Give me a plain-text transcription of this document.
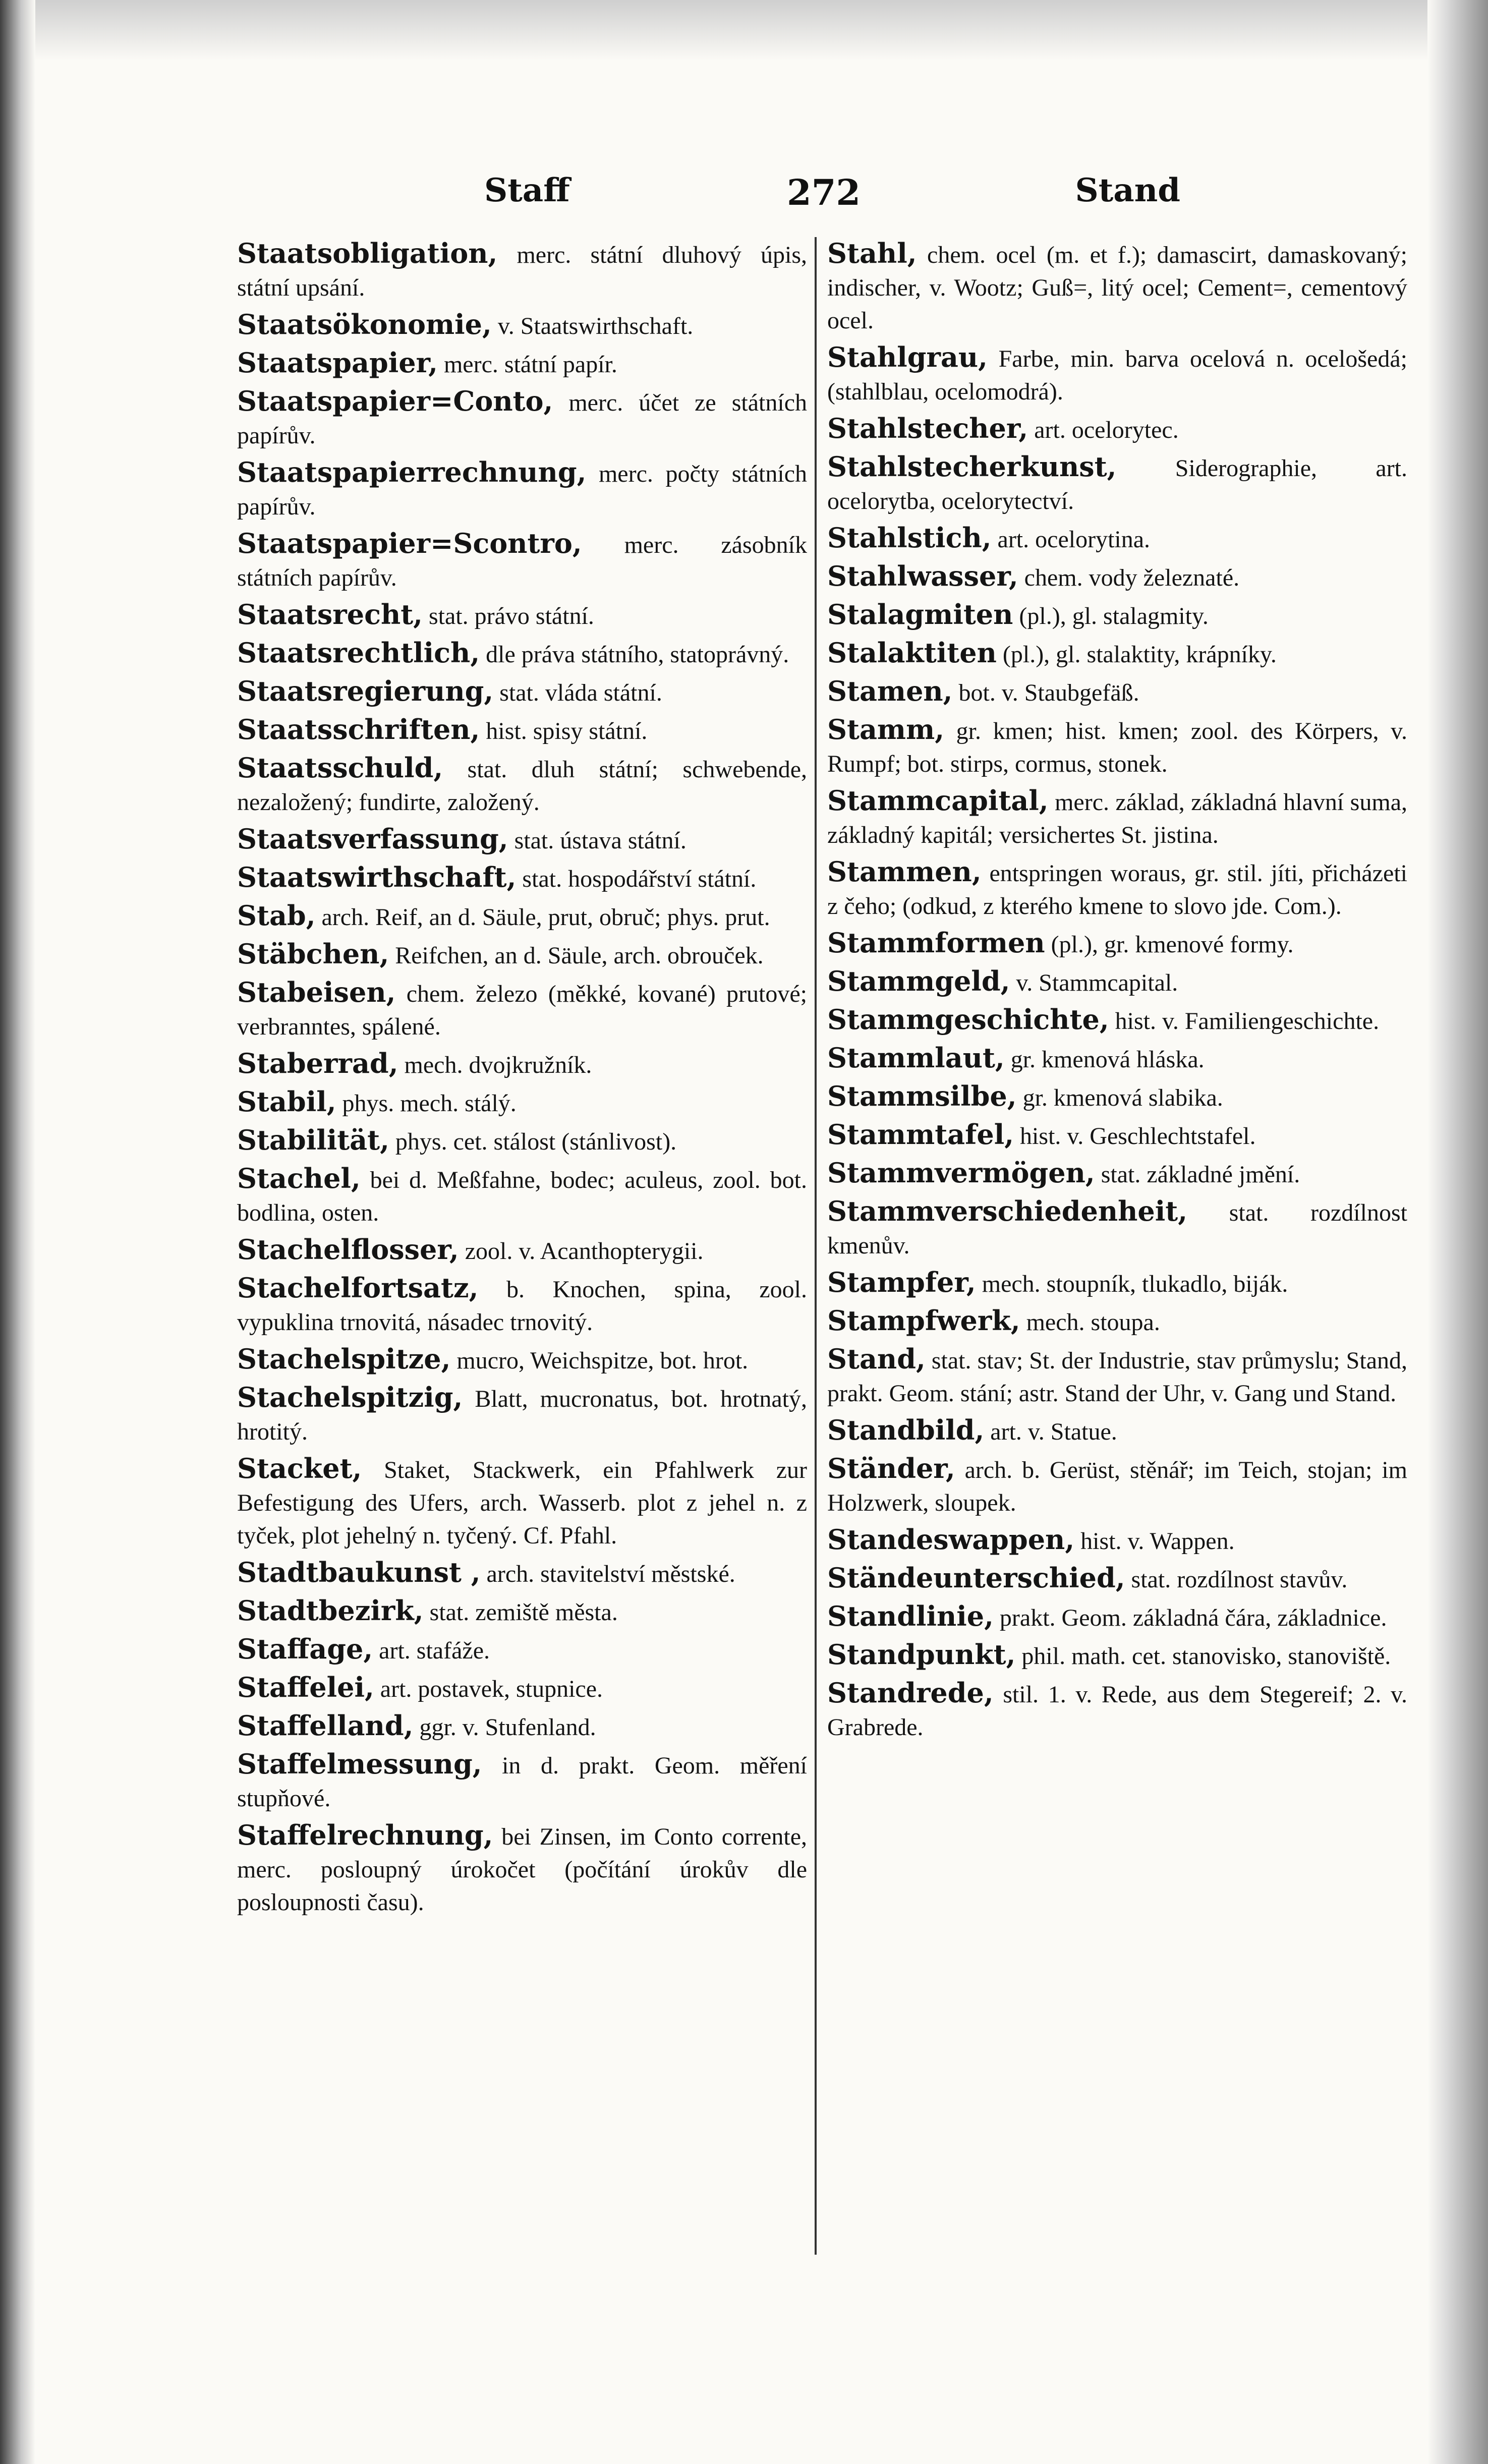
Staff	272	Stand

Staatsobligation, merc. státní dluhový úpis, státní upsání.

Staatsökonomie, v. Staatswirthschaft.

Staatspapier, merc. státní papír.

Staatspapier=Conto, merc. účet ze státních papírův.

Staatspapierrechnung, merc. počty státních papírův.

Staatspapier=Scontro, merc. zásobník státních papírův.

Staatsrecht, stat. právo státní.

Staatsrechtlich, dle práva státního, statoprávný.

Staatsregierung, stat. vláda státní.

Staatsschriften, hist. spisy státní.

Staatsschuld, stat. dluh státní; schwebende, nezaložený; fundirte, založený.

Staatsverfassung, stat. ústava státní.

Staatswirthschaft, stat. hospodářství státní.

Stab, arch. Reif, an d. Säule, prut, obruč; phys. prut.

Stäbchen, Reifchen, an d. Säule, arch. obrouček.

Stabeisen, chem. železo (měkké, kované) prutové; verbranntes, spálené.

Staberrad, mech. dvojkružník.

Stabil, phys. mech. stálý.

Stabilität, phys. cet. stálost (stánlivost).

Stachel, bei d. Meßfahne, bodec; aculeus, zool. bot. bodlina, osten.

Stachelflosser, zool. v. Acanthopterygii.

Stachelfortsatz, b. Knochen, spina, zool. vypuklina trnovitá, násadec trnovitý.

Stachelspitze, mucro, Weichspitze, bot. hrot.

Stachelspitzig, Blatt, mucronatus, bot. hrotnatý, hrotitý.

Stacket, Staket, Stackwerk, ein Pfahlwerk zur Befestigung des Ufers, arch. Wasserb. plot z jehel n. z tyček, plot jehelný n. tyčený. Cf. Pfahl.

Stadtbaukunst , arch. stavitelství městské.

Stadtbezirk, stat. zemiště města.

Staffage, art. stafáže.

Staffelei, art. postavek, stupnice.

Staffelland, ggr. v. Stufenland.

Staffelmessung, in d. prakt. Geom. měření stupňové.

Staffelrechnung, bei Zinsen, im Conto corrente, merc. posloupný úrokočet (počítání úrokův dle posloupnosti času).

Stahl, chem. ocel (m. et f.); damascirt, damaskovaný; indischer, v. Wootz; Guß=, litý ocel; Cement=, cementový ocel.

Stahlgrau, Farbe, min. barva ocelová n. ocelošedá; (stahlblau, ocelomodrá).

Stahlstecher, art. ocelorytec.

Stahlstecherkunst, Siderographie, art. ocelorytba, ocelorytectví.

Stahlstich, art. ocelorytina.

Stahlwasser, chem. vody železnaté.

Stalagmiten (pl.), gl. stalagmity.

Stalaktiten (pl.), gl. stalaktity, krápníky.

Stamen, bot. v. Staubgefäß.

Stamm, gr. kmen; hist. kmen; zool. des Körpers, v. Rumpf; bot. stirps, cormus, stonek.

Stammcapital, merc. základ, základná hlavní suma, základný kapitál; versichertes St. jistina.

Stammen, entspringen woraus, gr. stil. jíti, přicházeti z čeho; (odkud, z kterého kmene to slovo jde. Com.).

Stammformen (pl.), gr. kmenové formy.

Stammgeld, v. Stammcapital.

Stammgeschichte, hist. v. Familiengeschichte.

Stammlaut, gr. kmenová hláska.

Stammsilbe, gr. kmenová slabika.

Stammtafel, hist. v. Geschlechtstafel.

Stammvermögen, stat. základné jmění.

Stammverschiedenheit, stat. rozdílnost kmenův.

Stampfer, mech. stoupník, tlukadlo, biják.

Stampfwerk, mech. stoupa.

Stand, stat. stav; St. der Industrie, stav průmyslu; Stand, prakt. Geom. stání; astr. Stand der Uhr, v. Gang und Stand.

Standbild, art. v. Statue.

Ständer, arch. b. Gerüst, stěnář; im Teich, stojan; im Holzwerk, sloupek.

Standeswappen, hist. v. Wappen.

Ständeunterschied, stat. rozdílnost stavův.

Standlinie, prakt. Geom. základná čára, základnice.

Standpunkt, phil. math. cet. stanovisko, stanoviště.

Standrede, stil. 1. v. Rede, aus dem Stegereif; 2. v. Grabrede.
